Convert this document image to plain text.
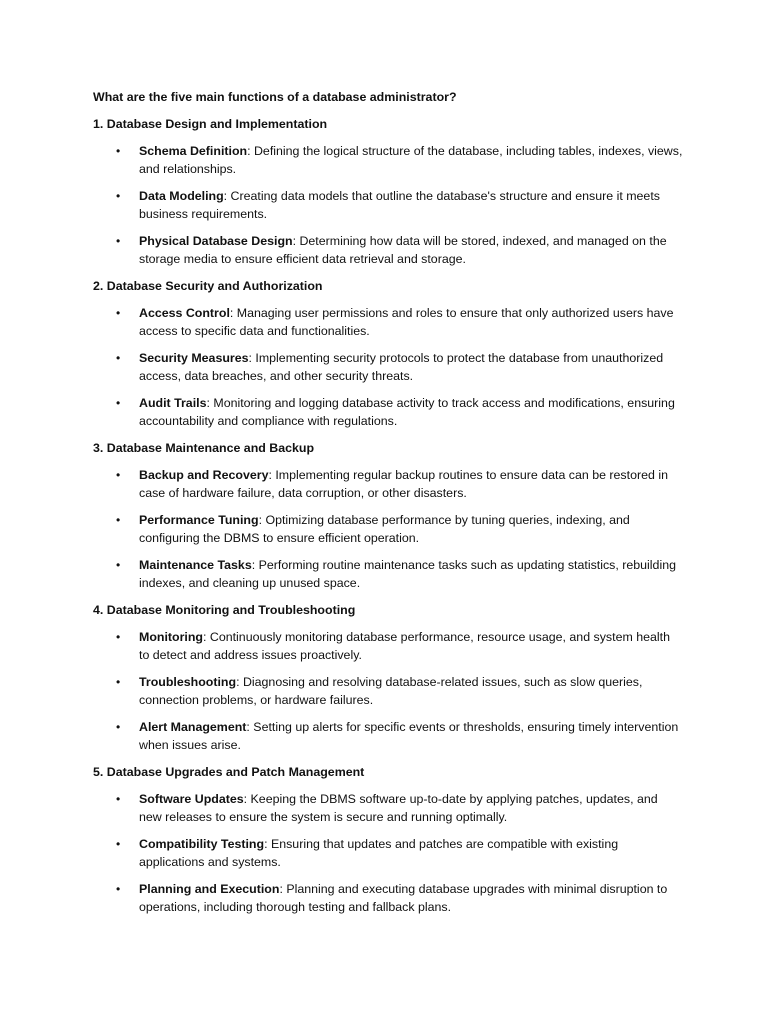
What are the five main functions of a database administrator?

1. Database Design and Implementation

• Schema Definition: Defining the logical structure of the database, including tables, indexes, views, and relationships.
• Data Modeling: Creating data models that outline the database's structure and ensure it meets business requirements.
• Physical Database Design: Determining how data will be stored, indexed, and managed on the storage media to ensure efficient data retrieval and storage.

2. Database Security and Authorization

• Access Control: Managing user permissions and roles to ensure that only authorized users have access to specific data and functionalities.
• Security Measures: Implementing security protocols to protect the database from unauthorized access, data breaches, and other security threats.
• Audit Trails: Monitoring and logging database activity to track access and modifications, ensuring accountability and compliance with regulations.

3. Database Maintenance and Backup

• Backup and Recovery: Implementing regular backup routines to ensure data can be restored in case of hardware failure, data corruption, or other disasters.
• Performance Tuning: Optimizing database performance by tuning queries, indexing, and configuring the DBMS to ensure efficient operation.
• Maintenance Tasks: Performing routine maintenance tasks such as updating statistics, rebuilding indexes, and cleaning up unused space.

4. Database Monitoring and Troubleshooting

• Monitoring: Continuously monitoring database performance, resource usage, and system health to detect and address issues proactively.
• Troubleshooting: Diagnosing and resolving database-related issues, such as slow queries, connection problems, or hardware failures.
• Alert Management: Setting up alerts for specific events or thresholds, ensuring timely intervention when issues arise.

5. Database Upgrades and Patch Management

• Software Updates: Keeping the DBMS software up-to-date by applying patches, updates, and new releases to ensure the system is secure and running optimally.
• Compatibility Testing: Ensuring that updates and patches are compatible with existing applications and systems.
• Planning and Execution: Planning and executing database upgrades with minimal disruption to operations, including thorough testing and fallback plans.
